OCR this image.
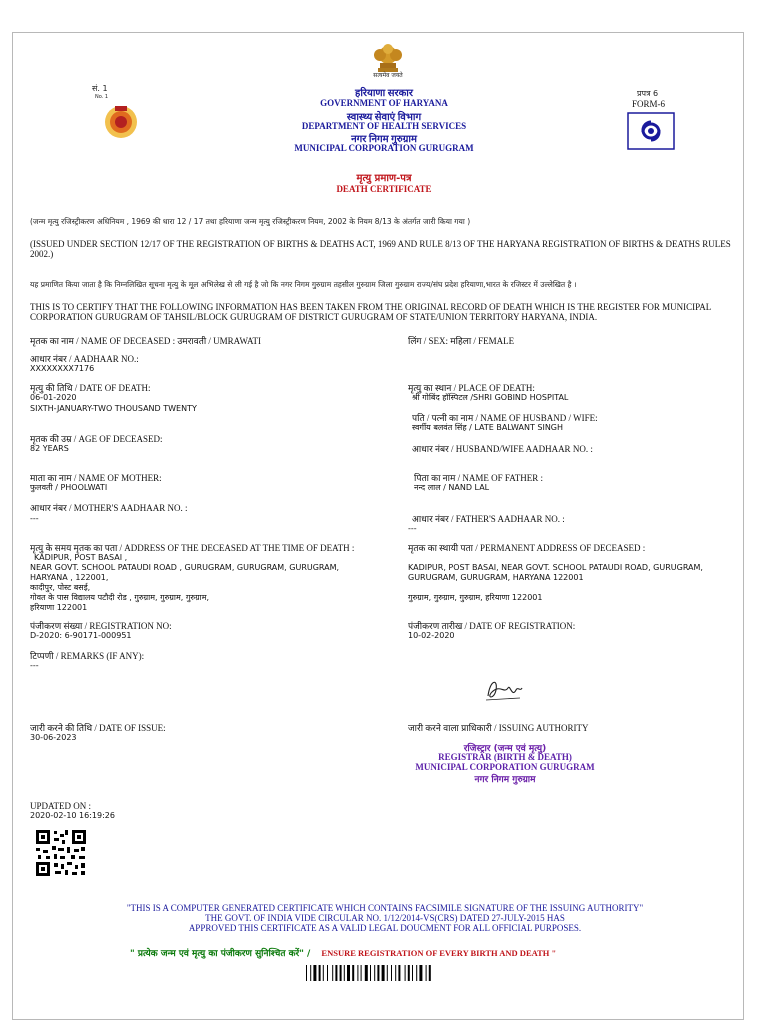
सत्यमेव जयते
सं. 1
No. 1	हरियाणा सरकार
GOVERNMENT OF HARYANA
स्वास्थ्य सेवाएं विभाग
DEPARTMENT OF HEALTH SERVICES
नगर निगम गुरुग्राम
MUNICIPAL CORPORATION GURUGRAM
प्रपत्र 6
FORM-6
मृत्यु प्रमाण-पत्र
DEATH CERTIFICATE
(जन्म मृत्यु रजिस्ट्रीकरण अधिनियम , 1969 की धारा 12 / 17 तथा हरियाणा जन्म मृत्यु रजिस्ट्रीकरण नियम, 2002 के नियम 8/13 के अंतर्गत जारी किया गया )
(ISSUED UNDER SECTION 12/17 OF THE REGISTRATION OF BIRTHS & DEATHS ACT, 1969 AND RULE 8/13 OF THE HARYANA REGISTRATION OF BIRTHS & DEATHS RULES 2002.)
यह प्रमाणित किया जाता है कि निम्नलिखित सूचना मृत्यु के मूल अभिलेख से ली गई है जो कि नगर निगम गुरुग्राम तहसील गुरुग्राम जिला गुरुग्राम राज्य/संघ प्रदेश हरियाणा,भारत के रजिस्टर में उल्लेखित है ।
THIS IS TO CERTIFY THAT THE FOLLOWING INFORMATION HAS BEEN TAKEN FROM THE ORIGINAL RECORD OF DEATH WHICH IS THE REGISTER FOR MUNICIPAL CORPORATION GURUGRAM OF TAHSIL/BLOCK GURUGRAM OF DISTRICT GURUGRAM OF STATE/UNION TERRITORY HARYANA, INDIA.
मृतक का नाम / NAME OF DECEASED : उमरावती / UMRAWATI
आधार नंबर / AADHAAR NO.:
XXXXXXXX7176
मृत्यु की तिथि / DATE OF DEATH:
06-01-2020
SIXTH-JANUARY-TWO THOUSAND TWENTY
मृतक की उम्र / AGE OF DECEASED:
82 YEARS
माता का नाम / NAME OF MOTHER:
फुलवती / PHOOLWATI
आधार नंबर / MOTHER'S AADHAAR NO. :
---
मृत्यु के समय मृतक का पता / ADDRESS OF THE DECEASED AT THE TIME OF DEATH :
KADIPUR, POST BASAI ,
NEAR GOVT. SCHOOL PATAUDI ROAD , GURUGRAM, GURUGRAM, GURUGRAM,
HARYANA , 122001,
कादीपुर, पोस्ट बसई,
गोवत के पास विद्यालय पटौदी रोड , गुरुग्राम, गुरुग्राम, गुरुग्राम,
हरियाणा 122001
पंजीकरण संख्या / REGISTRATION NO:
D-2020: 6-90171-000951
टिप्पणी / REMARKS (IF ANY):
---
जारी करने की तिथि / DATE OF ISSUE:
30-06-2023
लिंग / SEX: महिला / FEMALE
मृत्यु का स्थान / PLACE OF DEATH:
श्री गोबिंद हॉस्पिटल /SHRI GOBIND HOSPITAL
पति / पत्नी का नाम / NAME OF HUSBAND / WIFE:
स्वर्गीय बलवंत सिंह / LATE BALWANT SINGH
आधार नंबर / HUSBAND/WIFE AADHAAR NO. :
पिता का नाम / NAME OF FATHER :
नन्द लाल / NAND LAL
आधार नंबर / FATHER'S AADHAAR NO. :
---
मृतक का स्थायी पता / PERMANENT ADDRESS OF DECEASED :
KADIPUR, POST BASAI, NEAR GOVT. SCHOOL PATAUDI ROAD, GURUGRAM,
GURUGRAM, GURUGRAM, HARYANA 122001
गुरुग्राम, गुरुग्राम, गुरुग्राम, हरियाणा 122001
पंजीकरण तारीख / DATE OF REGISTRATION:
10-02-2020
जारी करने वाला प्राधिकारी / ISSUING AUTHORITY
रजिस्ट्रार (जन्म एवं मृत्यु)
REGISTRAR (BIRTH & DEATH)
MUNICIPAL CORPORATION GURUGRAM
नगर निगम गुरुग्राम
UPDATED ON :
2020-02-10 16:19:26
"THIS IS A COMPUTER GENERATED CERTIFICATE WHICH CONTAINS FACSIMILE SIGNATURE OF THE ISSUING AUTHORITY"
THE GOVT. OF INDIA VIDE CIRCULAR NO. 1/12/2014-VS(CRS) DATED 27-JULY-2015 HAS
APPROVED THIS CERTIFICATE AS A VALID LEGAL DOUCMENT FOR ALL OFFICIAL PURPOSES.
" प्रत्येक जन्म एवं मृत्यु का पंजीकरण सुनिश्चित करें" / ENSURE REGISTRATION OF EVERY BIRTH AND DEATH "
